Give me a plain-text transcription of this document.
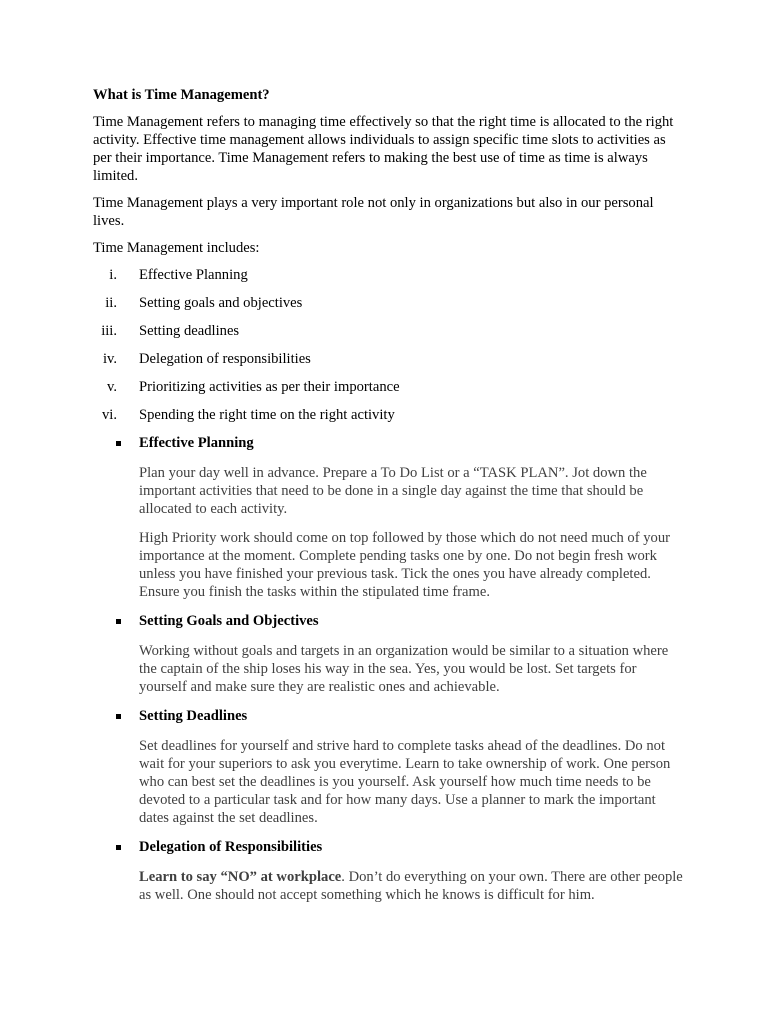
What is Time Management?

Time Management refers to managing time effectively so that the right time is allocated to the right activity. Effective time management allows individuals to assign specific time slots to activities as per their importance. Time Management refers to making the best use of time as time is always limited.

Time Management plays a very important role not only in organizations but also in our personal lives.

Time Management includes:

i. Effective Planning
ii. Setting goals and objectives
iii. Setting deadlines
iv. Delegation of responsibilities
v. Prioritizing activities as per their importance
vi. Spending the right time on the right activity
Effective Planning

Plan your day well in advance. Prepare a To Do List or a “TASK PLAN”. Jot down the important activities that need to be done in a single day against the time that should be allocated to each activity.

High Priority work should come on top followed by those which do not need much of your importance at the moment. Complete pending tasks one by one. Do not begin fresh work unless you have finished your previous task. Tick the ones you have already completed. Ensure you finish the tasks within the stipulated time frame.

Setting Goals and Objectives

Working without goals and targets in an organization would be similar to a situation where the captain of the ship loses his way in the sea. Yes, you would be lost. Set targets for yourself and make sure they are realistic ones and achievable.

Setting Deadlines

Set deadlines for yourself and strive hard to complete tasks ahead of the deadlines. Do not wait for your superiors to ask you everytime. Learn to take ownership of work. One person who can best set the deadlines is you yourself. Ask yourself how much time needs to be devoted to a particular task and for how many days. Use a planner to mark the important dates against the set deadlines.

Delegation of Responsibilities

Learn to say “NO” at workplace. Don’t do everything on your own. There are other people as well. One should not accept something which he knows is difficult for him.
